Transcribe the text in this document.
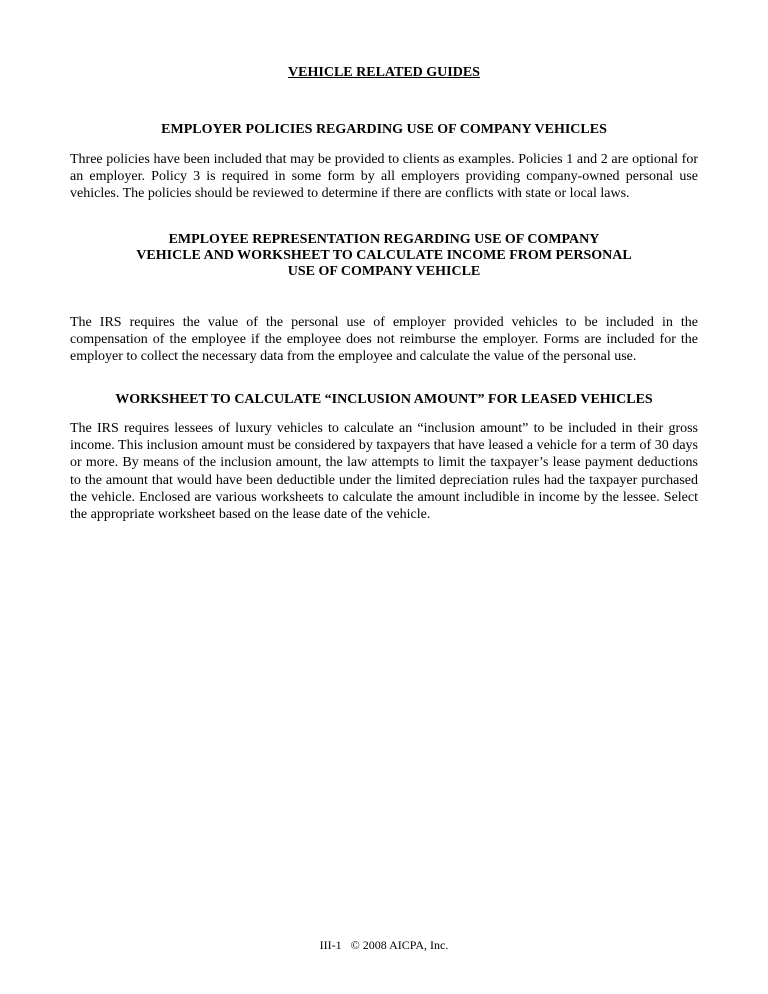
VEHICLE RELATED GUIDES
EMPLOYER POLICIES REGARDING USE OF COMPANY VEHICLES
Three policies have been included that may be provided to clients as examples. Policies 1 and 2 are optional for an employer. Policy 3 is required in some form by all employers providing company-owned personal use vehicles. The policies should be reviewed to determine if there are conflicts with state or local laws.
EMPLOYEE REPRESENTATION REGARDING USE OF COMPANY
VEHICLE AND WORKSHEET TO CALCULATE INCOME FROM PERSONAL
USE OF COMPANY VEHICLE
The IRS requires the value of the personal use of employer provided vehicles to be included in the compensation of the employee if the employee does not reimburse the employer. Forms are included for the employer to collect the necessary data from the employee and calculate the value of the personal use.
WORKSHEET TO CALCULATE “INCLUSION AMOUNT” FOR LEASED VEHICLES
The IRS requires lessees of luxury vehicles to calculate an “inclusion amount” to be included in their gross income. This inclusion amount must be considered by taxpayers that have leased a vehicle for a term of 30 days or more. By means of the inclusion amount, the law attempts to limit the taxpayer’s lease payment deductions to the amount that would have been deductible under the limited depreciation rules had the taxpayer purchased the vehicle. Enclosed are various worksheets to calculate the amount includible in income by the lessee. Select the appropriate worksheet based on the lease date of the vehicle.
III-1 © 2008 AICPA, Inc.
